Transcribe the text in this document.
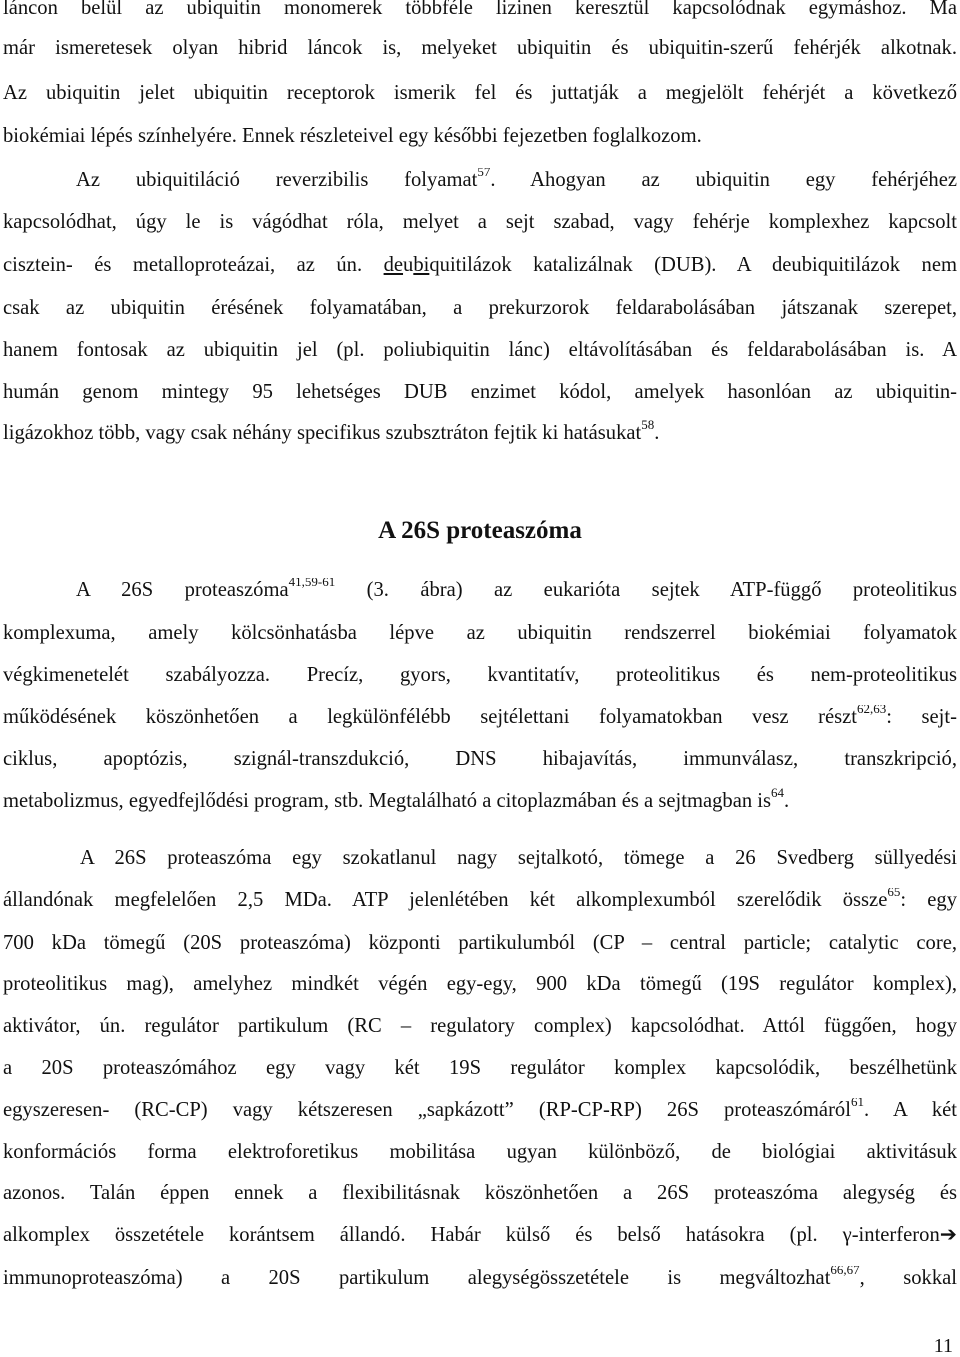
láncon belül az ubiquitin monomerek többféle lizinen keresztül kapcsolódnak egymáshoz. Ma
már ismeretesek olyan hibrid láncok is, melyeket ubiquitin és ubiquitin-szerű fehérjék alkotnak.
Az ubiquitin jelet ubiquitin receptorok ismerik fel és juttatják a megjelölt fehérjét a következő
biokémiai lépés színhelyére. Ennek részleteivel egy későbbi fejezetben foglalkozom.
Az ubiquitiláció reverzibilis folyamat$^{57}$. Ahogyan az ubiquitin egy fehérjéhez
kapcsolódhat, úgy le is vágódhat róla, melyet a sejt szabad, vagy fehérje komplexhez kapcsolt
cisztein- és metalloproteázai, az ún. deubiquitilázok katalizálnak (DUB). A deubiquitilázok nem
csak az ubiquitin érésének folyamatában, a prekurzorok feldarabolásában játszanak szerepet,
hanem fontosak az ubiquitin jel (pl. poliubiquitin lánc) eltávolításában és feldarabolásában is. A
humán genom mintegy 95 lehetséges DUB enzimet kódol, amelyek hasonlóan az ubiquitin-
ligázokhoz több, vagy csak néhány specifikus szubsztráton fejtik ki hatásukat$^{58}$.
A 26S proteaszóma
A 26S proteaszóma$^{41,59-61}$ (3. ábra) az eukarióta sejtek ATP-függő proteolitikus
komplexuma, amely kölcsönhatásba lépve az ubiquitin rendszerrel biokémiai folyamatok
végkimenetelét szabályozza. Precíz, gyors, kvantitatív, proteolitikus és nem-proteolitikus
működésének köszönhetően a legkülönfélébb sejtélettani folyamatokban vesz részt$^{62,63}$: sejt-
ciklus, apoptózis, szignál-transzdukció, DNS hibajavítás, immunválasz, transzkripció,
metabolizmus, egyedfejlődési program, stb. Megtalálható a citoplazmában és a sejtmagban $is^{64}$.
A 26S proteaszóma egy szokatlanul nagy sejtalkotó, tömege a 26 Svedberg süllyedési
állandónak megfelelően 2,5 MDa. ATP jelenlétében két alkomplexumból szerelődik össze$^{65}$: egy
700 kDa tömegű (20S proteaszóma) központi partikulumból (CP – central particle; catalytic core,
proteolitikus mag), amelyhez mindkét végén egy-egy, 900 kDa tömegű (19S regulátor komplex),
aktivátor, ún. regulátor partikulum (RC – regulatory complex) kapcsolódhat. Attól függően, hogy
a 20S proteaszómához egy vagy két 19S regulátor komplex kapcsolódik, beszélhetünk
egyszeresen- (RC-CP) vagy kétszeresen „sapkázott” (RP-CP-RP) 26S proteaszómáról$^{61}$. A két
konformációs forma elektroforetikus mobilitása ugyan különböző, de biológiai aktivitásuk
azonos. Talán éppen ennek a flexibilitásnak köszönhetően a 26S proteaszóma alegység és
alkomplex összetétele korántsem állandó. Habár külső és belső hatásokra (pl. γ-interferon➔
immunoproteaszóma) a 20S partikulum alegységösszetétele is megváltozhat$^{66,67}$, sokkal
11
